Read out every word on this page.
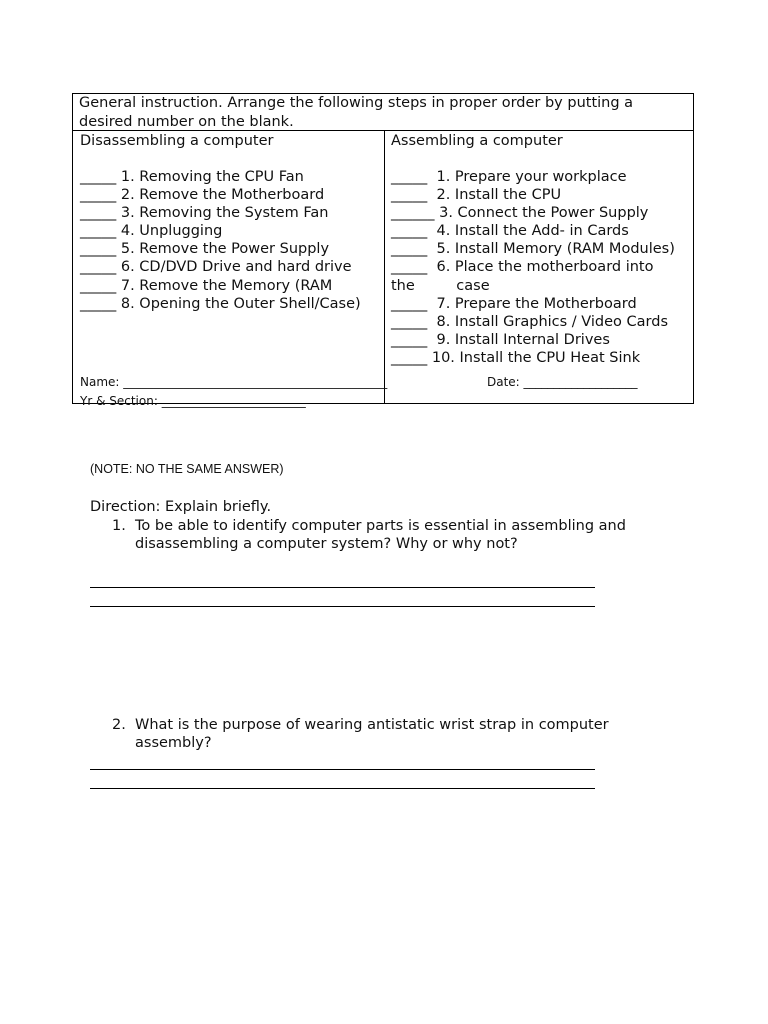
General instruction. Arrange the following steps in proper order by putting a
desired number on the blank.
Disassembling a computer
_____ 1. Removing the CPU Fan
_____ 2. Remove the Motherboard
_____ 3. Removing the System Fan
_____ 4. Unplugging
_____ 5. Remove the Power Supply
_____ 6. CD/DVD Drive and hard drive
_____ 7. Remove the Memory (RAM
_____ 8. Opening the Outer Shell/Case)
Assembling a computer
_____  1. Prepare your workplace
_____  2. Install the CPU
______ 3. Connect the Power Supply
_____  4. Install the Add- in Cards
_____  5. Install Memory (RAM Modules)
_____  6. Place the motherboard into
the         case
_____  7. Prepare the Motherboard
_____  8. Install Graphics / Video Cards
_____  9. Install Internal Drives
_____ 10. Install the CPU Heat Sink
Name: ____________________________________________	Date: ___________________
Yr & Section: ________________________
(NOTE: NO THE SAME ANSWER)
Direction: Explain briefly.
1. To be able to identify computer parts is essential in assembling and
disassembling a computer system? Why or why not?
2. What is the purpose of wearing antistatic wrist strap in computer
assembly?
